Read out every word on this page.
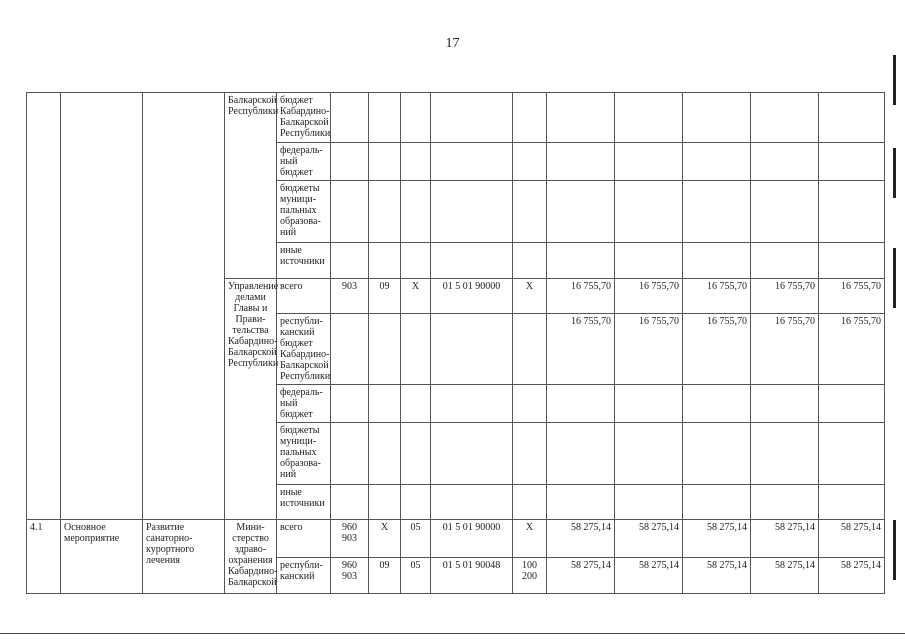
17
			Балкарской Республики	бюджет Кабардино-Балкарской Республики										
				федераль-ный бюджет										
				бюджеты муници-пальных образова-ний										
				иные источники										
			Управление делами Главы и Прави-тельства Кабардино-Балкарской Республики	всего	903	09	X	01 5 01 90000	X	16 755,70	16 755,70	16 755,70	16 755,70	16 755,70
				республи-канский бюджет Кабардино-Балкарской Республики						16 755,70	16 755,70	16 755,70	16 755,70	16 755,70
				федераль-ный бюджет										
				бюджеты муници-пальных образова-ний										
				иные источники										
4.1	Основное мероприятие	Развитие санаторно-курортного лечения	Мини-стерство здраво-охранения Кабардино-Балкарской	всего	960 903	X	05	01 5 01 90000	X	58 275,14	58 275,14	58 275,14	58 275,14	58 275,14
				республи-канский	960 903	09	05	01 5 01 90048	100 200	58 275,14	58 275,14	58 275,14	58 275,14	58 275,14
